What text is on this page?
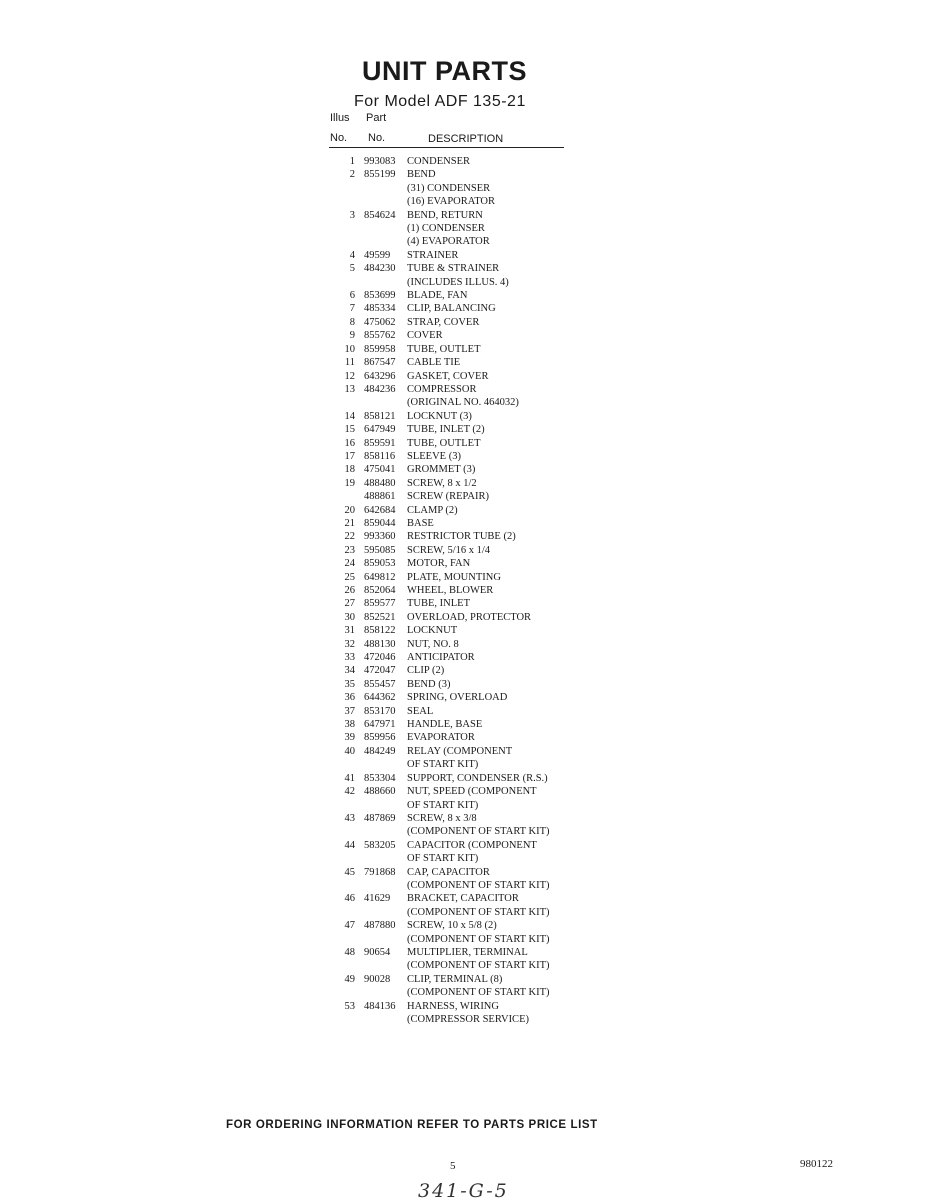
UNIT PARTS
For Model ADF 135-21
Illus Part
No. No.	DESCRIPTION
1 993083	CONDENSER
2 855199	BEND
(31) CONDENSER
(16) EVAPORATOR
3 854624	BEND, RETURN
(1) CONDENSER
(4) EVAPORATOR
4 49599	STRAINER
5 484230	TUBE & STRAINER
(INCLUDES ILLUS. 4)
6 853699	BLADE, FAN
7 485334	CLIP, BALANCING
8 475062	STRAP, COVER
9 855762	COVER
10 859958	TUBE, OUTLET
11 867547	CABLE TIE
12 643296	GASKET, COVER
13 484236	COMPRESSOR
(ORIGINAL NO. 464032)
14 858121	LOCKNUT (3)
15 647949	TUBE, INLET (2)
16 859591	TUBE, OUTLET
17 858116	SLEEVE (3)
18 475041	GROMMET (3)
19 488480	SCREW, 8 x 1/2
488861	SCREW (REPAIR)
20 642684	CLAMP (2)
21 859044	BASE
22 993360	RESTRICTOR TUBE (2)
23 595085	SCREW, 5/16 x 1/4
24 859053	MOTOR, FAN
25 649812	PLATE, MOUNTING
26 852064	WHEEL, BLOWER
27 859577	TUBE, INLET
30 852521	OVERLOAD, PROTECTOR
31 858122	LOCKNUT
32 488130	NUT, NO. 8
33 472046	ANTICIPATOR
34 472047	CLIP (2)
35 855457	BEND (3)
36 644362	SPRING, OVERLOAD
37 853170	SEAL
38 647971	HANDLE, BASE
39 859956	EVAPORATOR
40 484249	RELAY (COMPONENT
OF START KIT)
41 853304	SUPPORT, CONDENSER (R.S.)
42 488660	NUT, SPEED (COMPONENT
OF START KIT)
43 487869	SCREW, 8 x 3/8
(COMPONENT OF START KIT)
44 583205	CAPACITOR (COMPONENT
OF START KIT)
45 791868	CAP, CAPACITOR
(COMPONENT OF START KIT)
46 41629	BRACKET, CAPACITOR
(COMPONENT OF START KIT)
47 487880	SCREW, 10 x 5/8 (2)
(COMPONENT OF START KIT)
48 90654	MULTIPLIER, TERMINAL
(COMPONENT OF START KIT)
49 90028	CLIP, TERMINAL (8)
(COMPONENT OF START KIT)
53 484136	HARNESS, WIRING
(COMPRESSOR SERVICE)
FOR ORDERING INFORMATION REFER TO PARTS PRICE LIST
5	980122
341-G-5
